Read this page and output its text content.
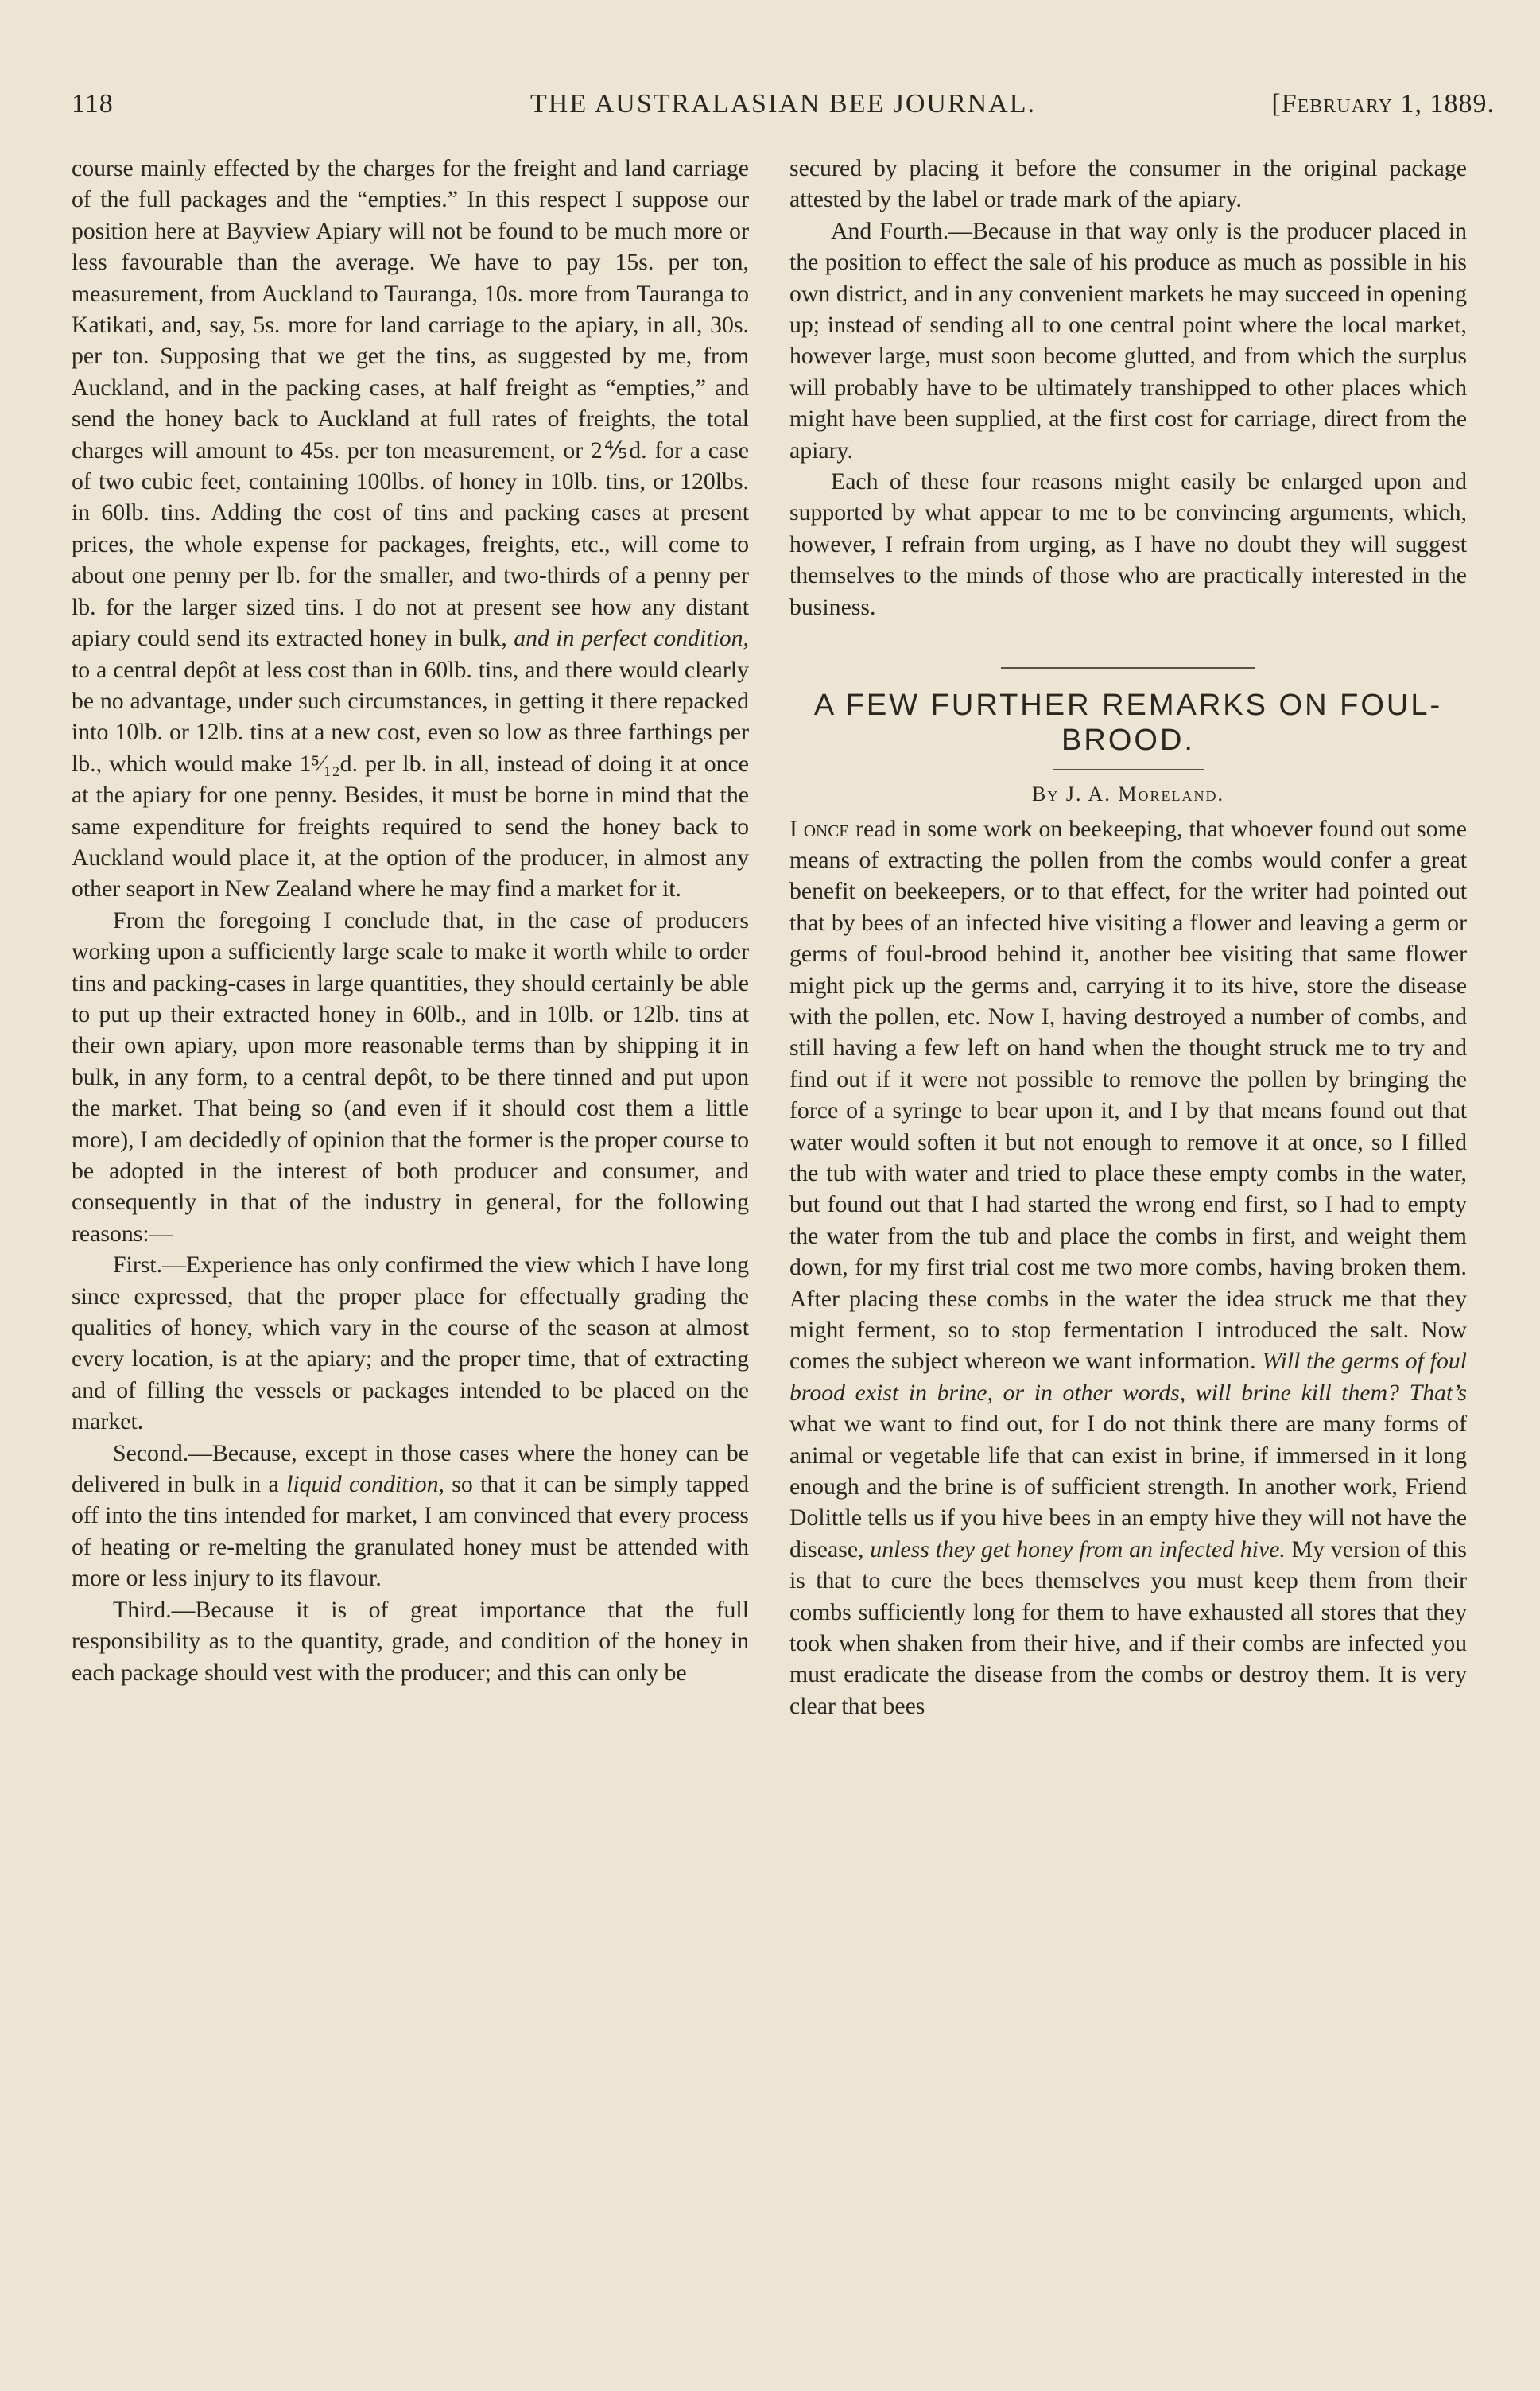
118	THE AUSTRALASIAN BEE JOURNAL.	[February 1, 1889.

course mainly effected by the charges for the freight and land carriage of the full packages and the “empties.” In this respect I suppose our position here at Bayview Apiary will not be found to be much more or less favourable than the average. We have to pay 15s. per ton, measurement, from Auckland to Tauranga, 10s. more from Tauranga to Katikati, and, say, 5s. more for land carriage to the apiary, in all, 30s. per ton. Supposing that we get the tins, as suggested by me, from Auckland, and in the packing cases, at half freight as “empties,” and send the honey back to Auckland at full rates of freights, the total charges will amount to 45s. per ton measurement, or 2⅘d. for a case of two cubic feet, containing 100lbs. of honey in 10lb. tins, or 120lbs. in 60lb. tins. Adding the cost of tins and packing cases at present prices, the whole expense for packages, freights, etc., will come to about one penny per lb. for the smaller, and two-thirds of a penny per lb. for the larger sized tins. I do not at present see how any distant apiary could send its extracted honey in bulk, and in perfect condition, to a central depôt at less cost than in 60lb. tins, and there would clearly be no advantage, under such circumstances, in getting it there repacked into 10lb. or 12lb. tins at a new cost, even so low as three farthings per lb., which would make 1⁵⁄₁₂d. per lb. in all, instead of doing it at once at the apiary for one penny. Besides, it must be borne in mind that the same expenditure for freights required to send the honey back to Auckland would place it, at the option of the producer, in almost any other seaport in New Zealand where he may find a market for it.

From the foregoing I conclude that, in the case of producers working upon a sufficiently large scale to make it worth while to order tins and packing-cases in large quantities, they should certainly be able to put up their extracted honey in 60lb., and in 10lb. or 12lb. tins at their own apiary, upon more reasonable terms than by shipping it in bulk, in any form, to a central depôt, to be there tinned and put upon the market. That being so (and even if it should cost them a little more), I am decidedly of opinion that the former is the proper course to be adopted in the interest of both producer and consumer, and consequently in that of the industry in general, for the following reasons:—

First.—Experience has only confirmed the view which I have long since expressed, that the proper place for effectually grading the qualities of honey, which vary in the course of the season at almost every location, is at the apiary; and the proper time, that of extracting and of filling the vessels or packages intended to be placed on the market.

Second.—Because, except in those cases where the honey can be delivered in bulk in a liquid condition, so that it can be simply tapped off into the tins intended for market, I am convinced that every process of heating or re-melting the granulated honey must be attended with more or less injury to its flavour.

Third.—Because it is of great importance that the full responsibility as to the quantity, grade, and condition of the honey in each package should vest with the producer; and this can only be

secured by placing it before the consumer in the original package attested by the label or trade mark of the apiary.

And Fourth.—Because in that way only is the producer placed in the position to effect the sale of his produce as much as possible in his own district, and in any convenient markets he may succeed in opening up; instead of sending all to one central point where the local market, however large, must soon become glutted, and from which the surplus will probably have to be ultimately transhipped to other places which might have been supplied, at the first cost for carriage, direct from the apiary.

Each of these four reasons might easily be enlarged upon and supported by what appear to me to be convincing arguments, which, however, I refrain from urging, as I have no doubt they will suggest themselves to the minds of those who are practically interested in the business.

A FEW FURTHER REMARKS ON FOUL-BROOD.

By J. A. Moreland.

I once read in some work on beekeeping, that whoever found out some means of extracting the pollen from the combs would confer a great benefit on beekeepers, or to that effect, for the writer had pointed out that by bees of an infected hive visiting a flower and leaving a germ or germs of foul-brood behind it, another bee visiting that same flower might pick up the germs and, carrying it to its hive, store the disease with the pollen, etc. Now I, having destroyed a number of combs, and still having a few left on hand when the thought struck me to try and find out if it were not possible to remove the pollen by bringing the force of a syringe to bear upon it, and I by that means found out that water would soften it but not enough to remove it at once, so I filled the tub with water and tried to place these empty combs in the water, but found out that I had started the wrong end first, so I had to empty the water from the tub and place the combs in first, and weight them down, for my first trial cost me two more combs, having broken them. After placing these combs in the water the idea struck me that they might ferment, so to stop fermentation I introduced the salt. Now comes the subject whereon we want information. Will the germs of foul brood exist in brine, or in other words, will brine kill them? That’s what we want to find out, for I do not think there are many forms of animal or vegetable life that can exist in brine, if immersed in it long enough and the brine is of sufficient strength. In another work, Friend Dolittle tells us if you hive bees in an empty hive they will not have the disease, unless they get honey from an infected hive. My version of this is that to cure the bees themselves you must keep them from their combs sufficiently long for them to have exhausted all stores that they took when shaken from their hive, and if their combs are infected you must eradicate the disease from the combs or destroy them. It is very clear that bees
